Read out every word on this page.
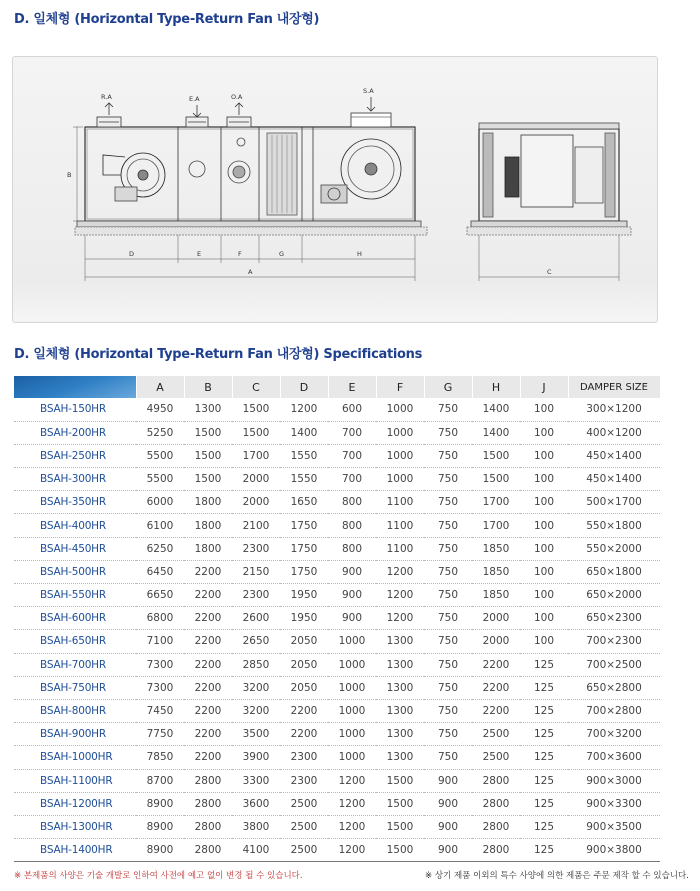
D. 일체형 (Horizontal Type-Return Fan 내장형)
R.A	E.A	O.A
S.A
B
D	E	F	G	H
A	C
D. 일체형 (Horizontal Type-Return Fan 내장형) Specifications
	A	B	C	D	E	F	G	H	J	DAMPER SIZE
BSAH-150HR	4950	1300	1500	1200	600	1000	750	1400	100	300×1200
BSAH-200HR	5250	1500	1500	1400	700	1000	750	1400	100	400×1200
BSAH-250HR	5500	1500	1700	1550	700	1000	750	1500	100	450×1400
BSAH-300HR	5500	1500	2000	1550	700	1000	750	1500	100	450×1400
BSAH-350HR	6000	1800	2000	1650	800	1100	750	1700	100	500×1700
BSAH-400HR	6100	1800	2100	1750	800	1100	750	1700	100	550×1800
BSAH-450HR	6250	1800	2300	1750	800	1100	750	1850	100	550×2000
BSAH-500HR	6450	2200	2150	1750	900	1200	750	1850	100	650×1800
BSAH-550HR	6650	2200	2300	1950	900	1200	750	1850	100	650×2000
BSAH-600HR	6800	2200	2600	1950	900	1200	750	2000	100	650×2300
BSAH-650HR	7100	2200	2650	2050	1000	1300	750	2000	100	700×2300
BSAH-700HR	7300	2200	2850	2050	1000	1300	750	2200	125	700×2500
BSAH-750HR	7300	2200	3200	2050	1000	1300	750	2200	125	650×2800
BSAH-800HR	7450	2200	3200	2200	1000	1300	750	2200	125	700×2800
BSAH-900HR	7750	2200	3500	2200	1000	1300	750	2500	125	700×3200
BSAH-1000HR	7850	2200	3900	2300	1000	1300	750	2500	125	700×3600
BSAH-1100HR	8700	2800	3300	2300	1200	1500	900	2800	125	900×3000
BSAH-1200HR	8900	2800	3600	2500	1200	1500	900	2800	125	900×3300
BSAH-1300HR	8900	2800	3800	2500	1200	1500	900	2800	125	900×3500
BSAH-1400HR	8900	2800	4100	2500	1200	1500	900	2800	125	900×3800
※ 본제품의 사양은 기술 개발로 인하여 사전에 예고 없이 변경 될 수 있습니다.	※ 상기 제품 이외의 특수 사양에 의한 제품은 주문 제작 할 수 있습니다.
